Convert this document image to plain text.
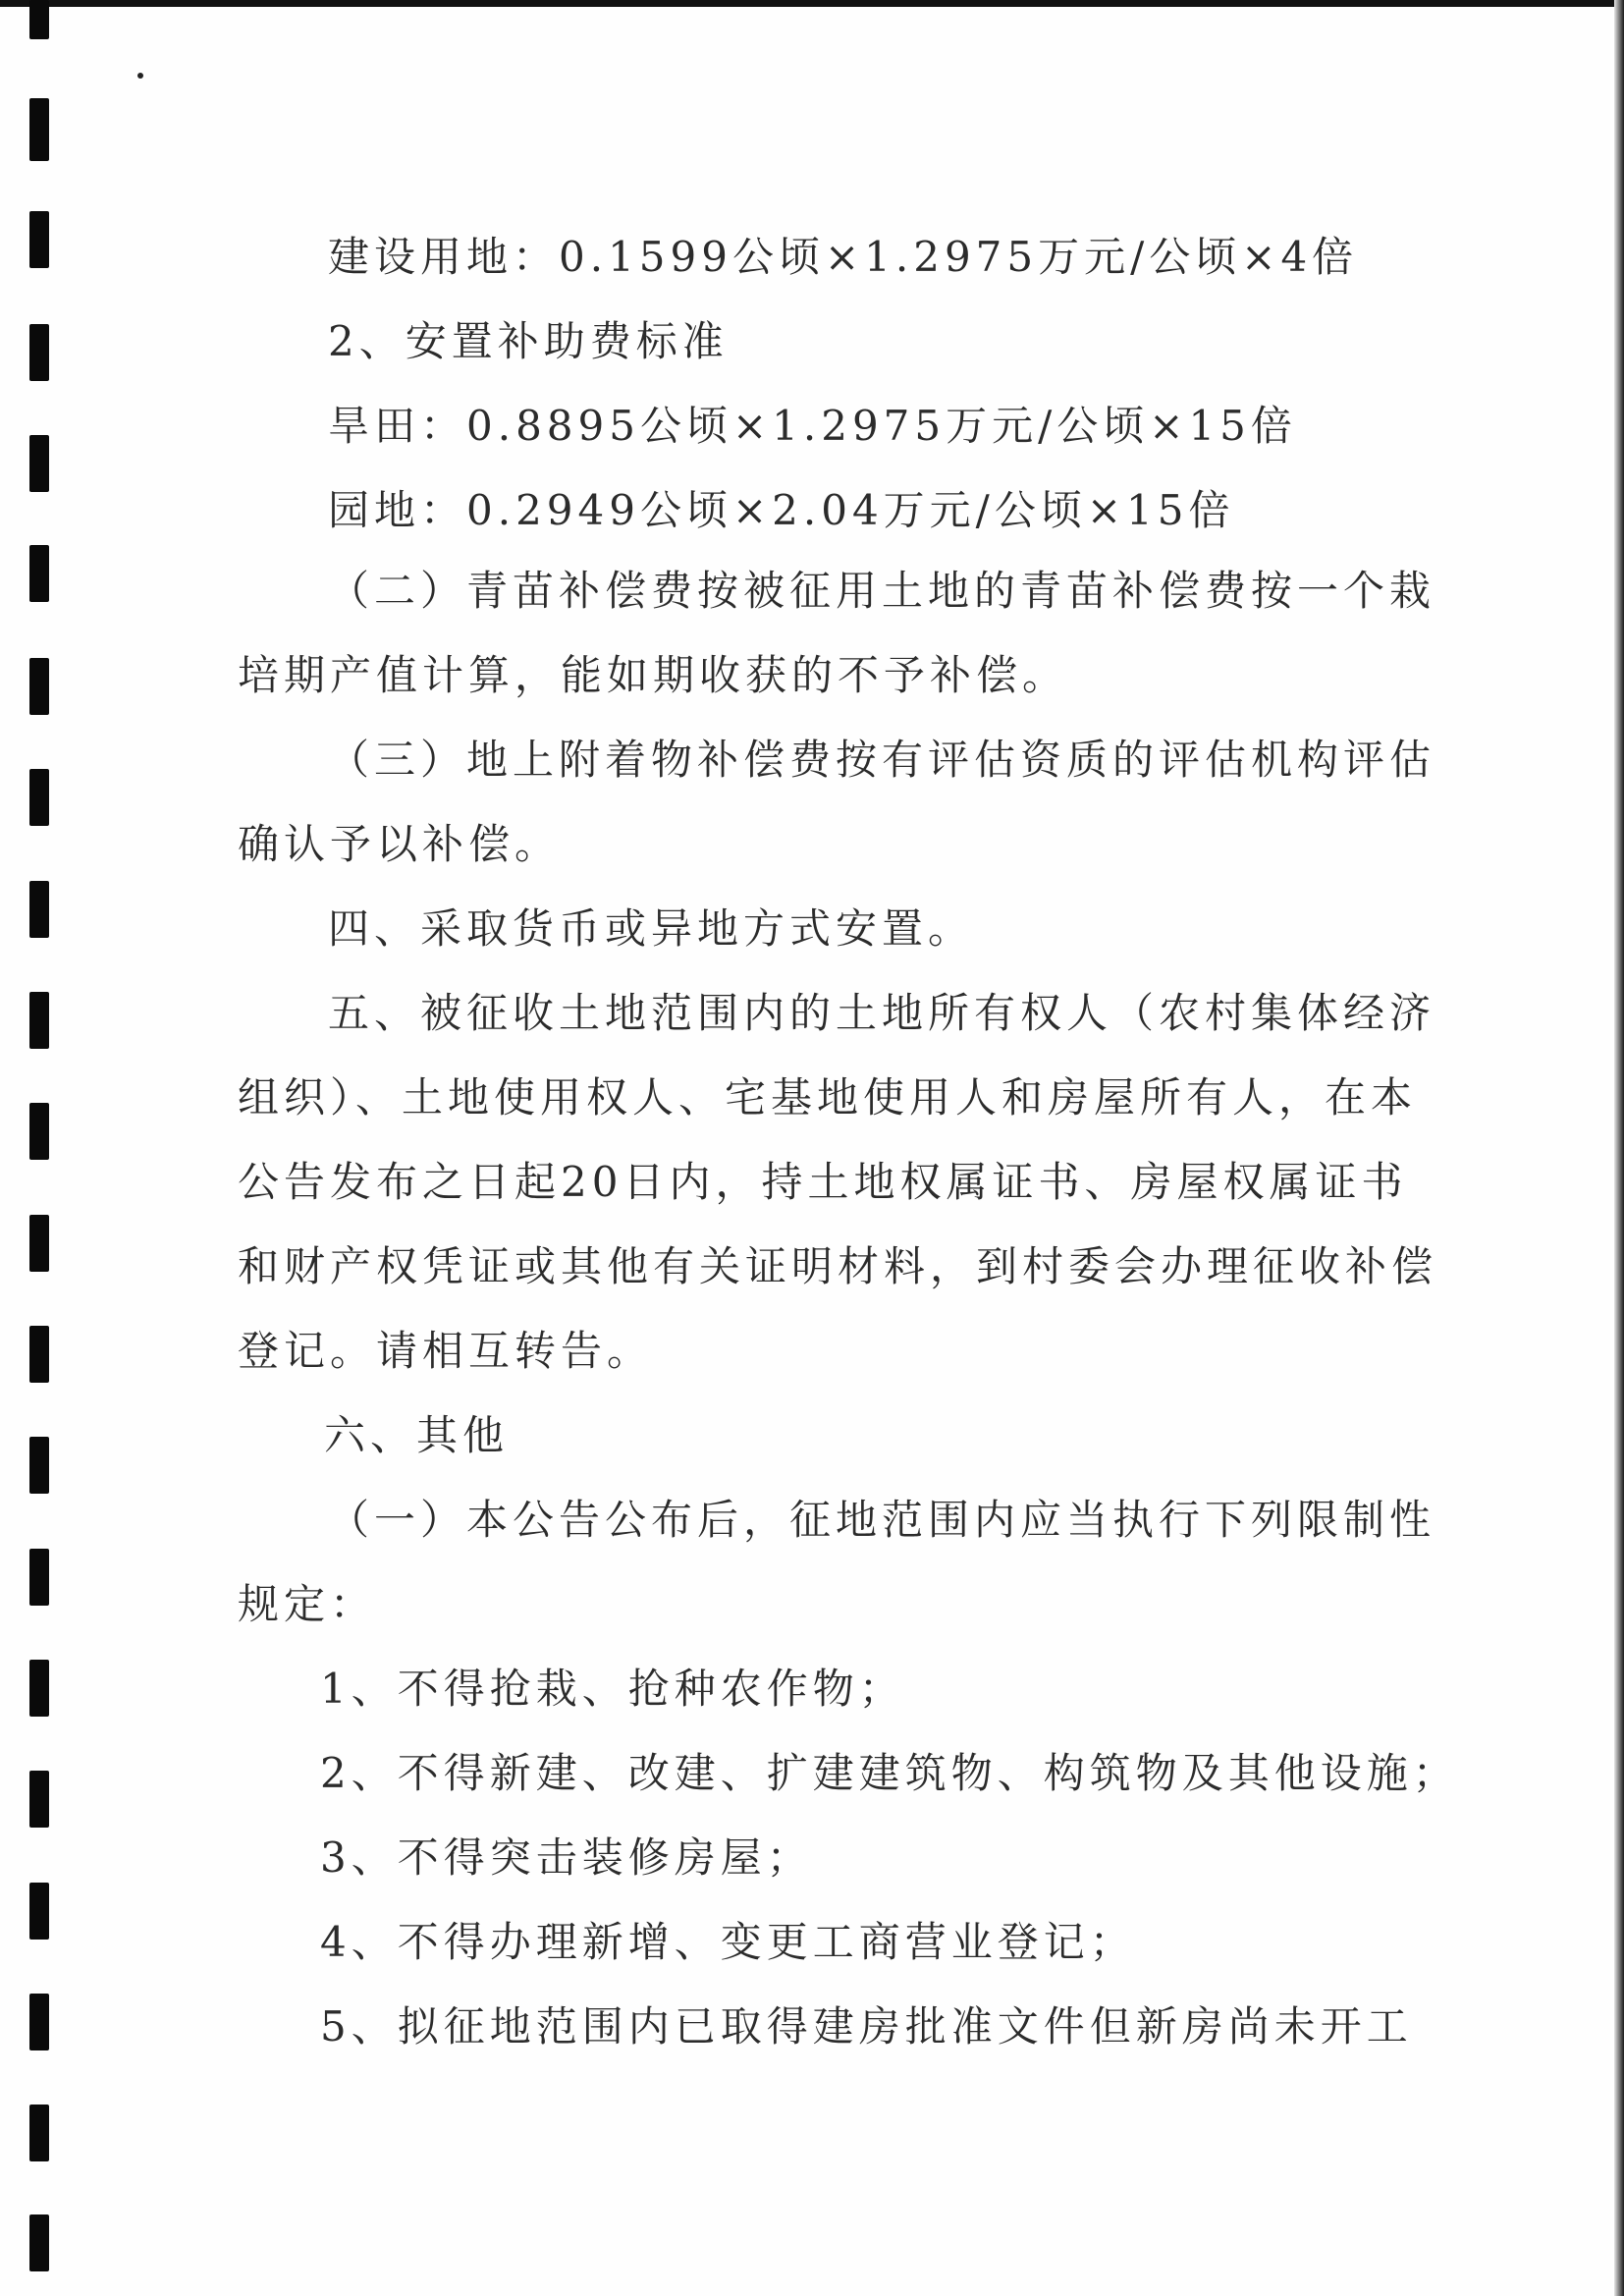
建设用地：0.1599公顷×1.2975万元/公顷×4倍
2、安置补助费标准
旱田：0.8895公顷×1.2975万元/公顷×15倍
园地：0.2949公顷×2.04万元/公顷×15倍
（二）青苗补偿费按被征用土地的青苗补偿费按一个栽
培期产值计算，能如期收获的不予补偿。
（三）地上附着物补偿费按有评估资质的评估机构评估
确认予以补偿。
四、采取货币或异地方式安置。
五、被征收土地范围内的土地所有权人（农村集体经济
组织）、土地使用权人、宅基地使用人和房屋所有人，在本
公告发布之日起20日内，持土地权属证书、房屋权属证书
和财产权凭证或其他有关证明材料，到村委会办理征收补偿
登记。请相互转告。
六、其他
（一）本公告公布后，征地范围内应当执行下列限制性
规定：
1、不得抢栽、抢种农作物；
2、不得新建、改建、扩建建筑物、构筑物及其他设施；
3、不得突击装修房屋；
4、不得办理新增、变更工商营业登记；
5、拟征地范围内已取得建房批准文件但新房尚未开工
